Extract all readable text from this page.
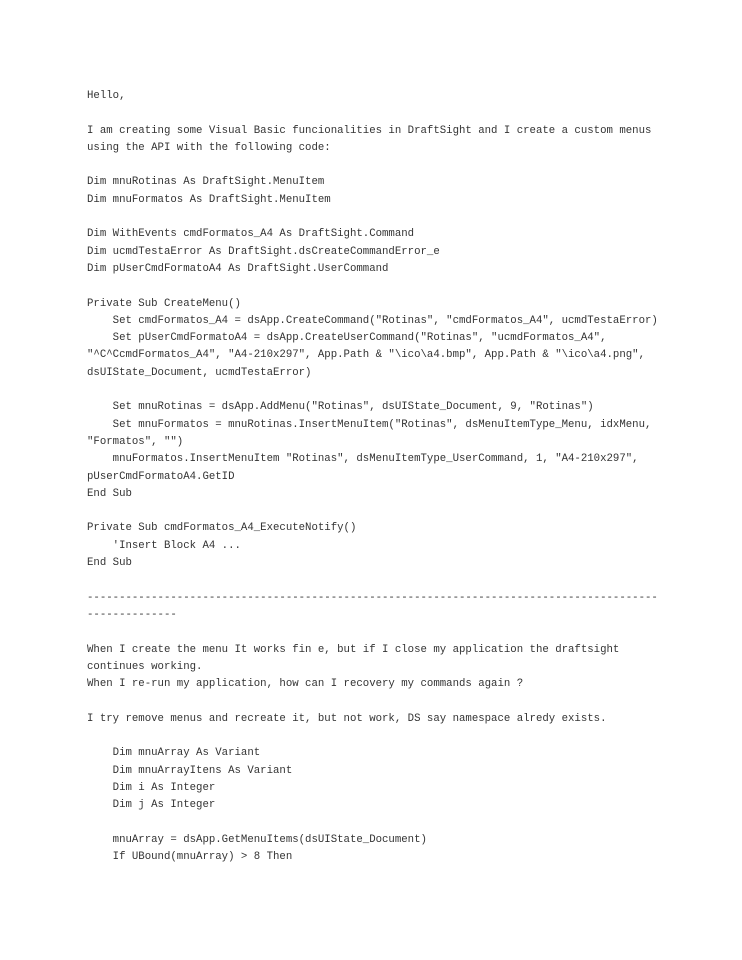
Hello,
I am creating some Visual Basic funcionalities in DraftSight and I create a custom menus
using the API with the following code:
Dim mnuRotinas As DraftSight.MenuItem
Dim mnuFormatos As DraftSight.MenuItem
Dim WithEvents cmdFormatos_A4 As DraftSight.Command
Dim ucmdTestaError As DraftSight.dsCreateCommandError_e
Dim pUserCmdFormatoA4 As DraftSight.UserCommand
Private Sub CreateMenu()
Set cmdFormatos_A4 = dsApp.CreateCommand("Rotinas", "cmdFormatos_A4", ucmdTestaError)
Set pUserCmdFormatoA4 = dsApp.CreateUserCommand("Rotinas", "ucmdFormatos_A4",
"^C^CcmdFormatos_A4", "A4-210x297", App.Path & "\ico\a4.bmp", App.Path & "\ico\a4.png",
dsUIState_Document, ucmdTestaError)
Set mnuRotinas = dsApp.AddMenu("Rotinas", dsUIState_Document, 9, "Rotinas")
Set mnuFormatos = mnuRotinas.InsertMenuItem("Rotinas", dsMenuItemType_Menu, idxMenu,
"Formatos", "")
mnuFormatos.InsertMenuItem "Rotinas", dsMenuItemType_UserCommand, 1, "A4-210x297",
pUserCmdFormatoA4.GetID
End Sub
Private Sub cmdFormatos_A4_ExecuteNotify()
'Insert Block A4 ...
End Sub
-----------------------------------------------------------------------------------------
--------------
When I create the menu It works fin e, but if I close my application the draftsight
continues working.
When I re-run my application, how can I recovery my commands again ?
I try remove menus and recreate it, but not work, DS say namespace alredy exists.
Dim mnuArray As Variant
Dim mnuArrayItens As Variant
Dim i As Integer
Dim j As Integer
mnuArray = dsApp.GetMenuItems(dsUIState_Document)
If UBound(mnuArray) > 8 Then
